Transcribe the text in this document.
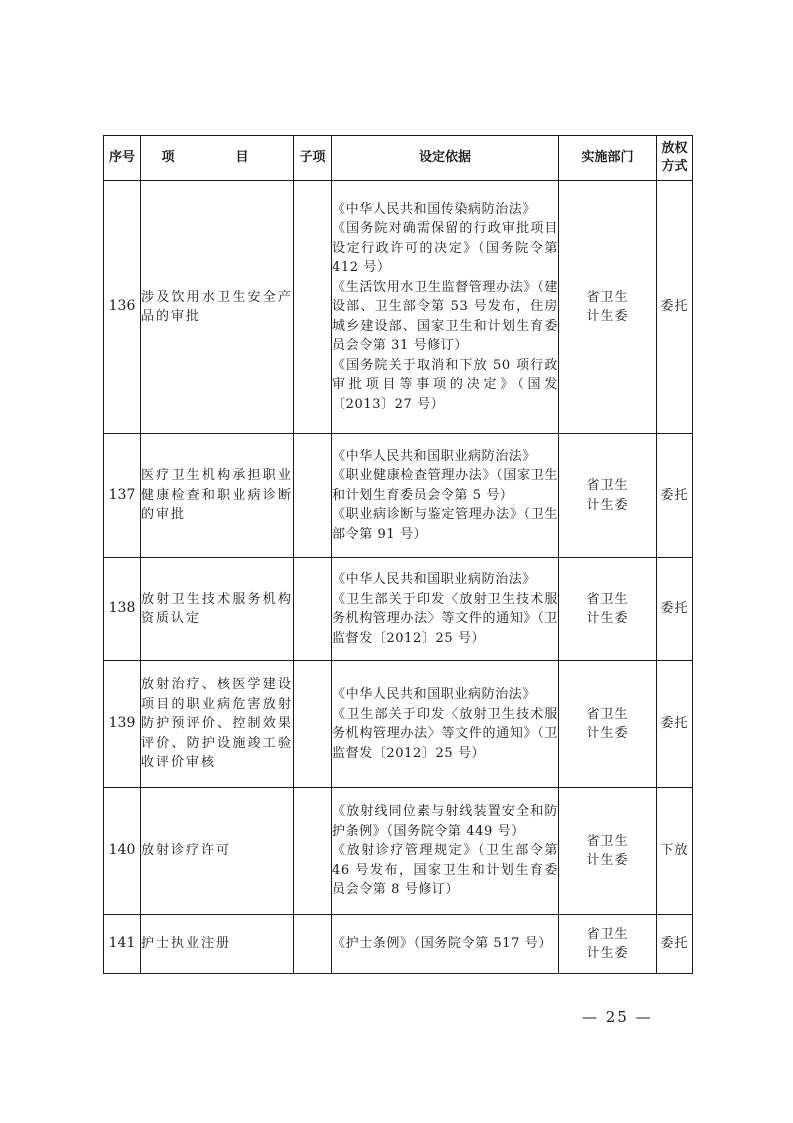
序号	项　目	子项	设定依据	实施部门	放权
方式

136	涉及饮用水卫生安全产品的审批		《中华人民共和国传染病防治法》
《国务院对确需保留的行政审批项目设定行政许可的决定》（国务院令第 412 号）
《生活饮用水卫生监督管理办法》（建设部、卫生部令第 53 号发布，住房城乡建设部、国家卫生和计划生育委员会令第 31 号修订）
《国务院关于取消和下放 50 项行政审批项目等事项的决定》（国发〔2013〕27 号）	省卫生
计生委	委托
137	医疗卫生机构承担职业健康检查和职业病诊断的审批		《中华人民共和国职业病防治法》
《职业健康检查管理办法》（国家卫生和计划生育委员会令第 5 号）
《职业病诊断与鉴定管理办法》（卫生部令第 91 号）	省卫生
计生委	委托
138	放射卫生技术服务机构资质认定		《中华人民共和国职业病防治法》
《卫生部关于印发〈放射卫生技术服务机构管理办法〉等文件的通知》（卫监督发〔2012〕25 号）	省卫生
计生委	委托
139	放射治疗、核医学建设项目的职业病危害放射防护预评价、控制效果评价、防护设施竣工验收评价审核		《中华人民共和国职业病防治法》
《卫生部关于印发〈放射卫生技术服务机构管理办法〉等文件的通知》（卫监督发〔2012〕25 号）	省卫生
计生委	委托
140	放射诊疗许可		《放射线同位素与射线装置安全和防护条例》（国务院令第 449 号）
《放射诊疗管理规定》（卫生部令第 46 号发布，国家卫生和计划生育委员会令第 8 号修订）	省卫生
计生委	下放
141	护士执业注册		《护士条例》（国务院令第 517 号）	省卫生
计生委	委托
— 25 —
